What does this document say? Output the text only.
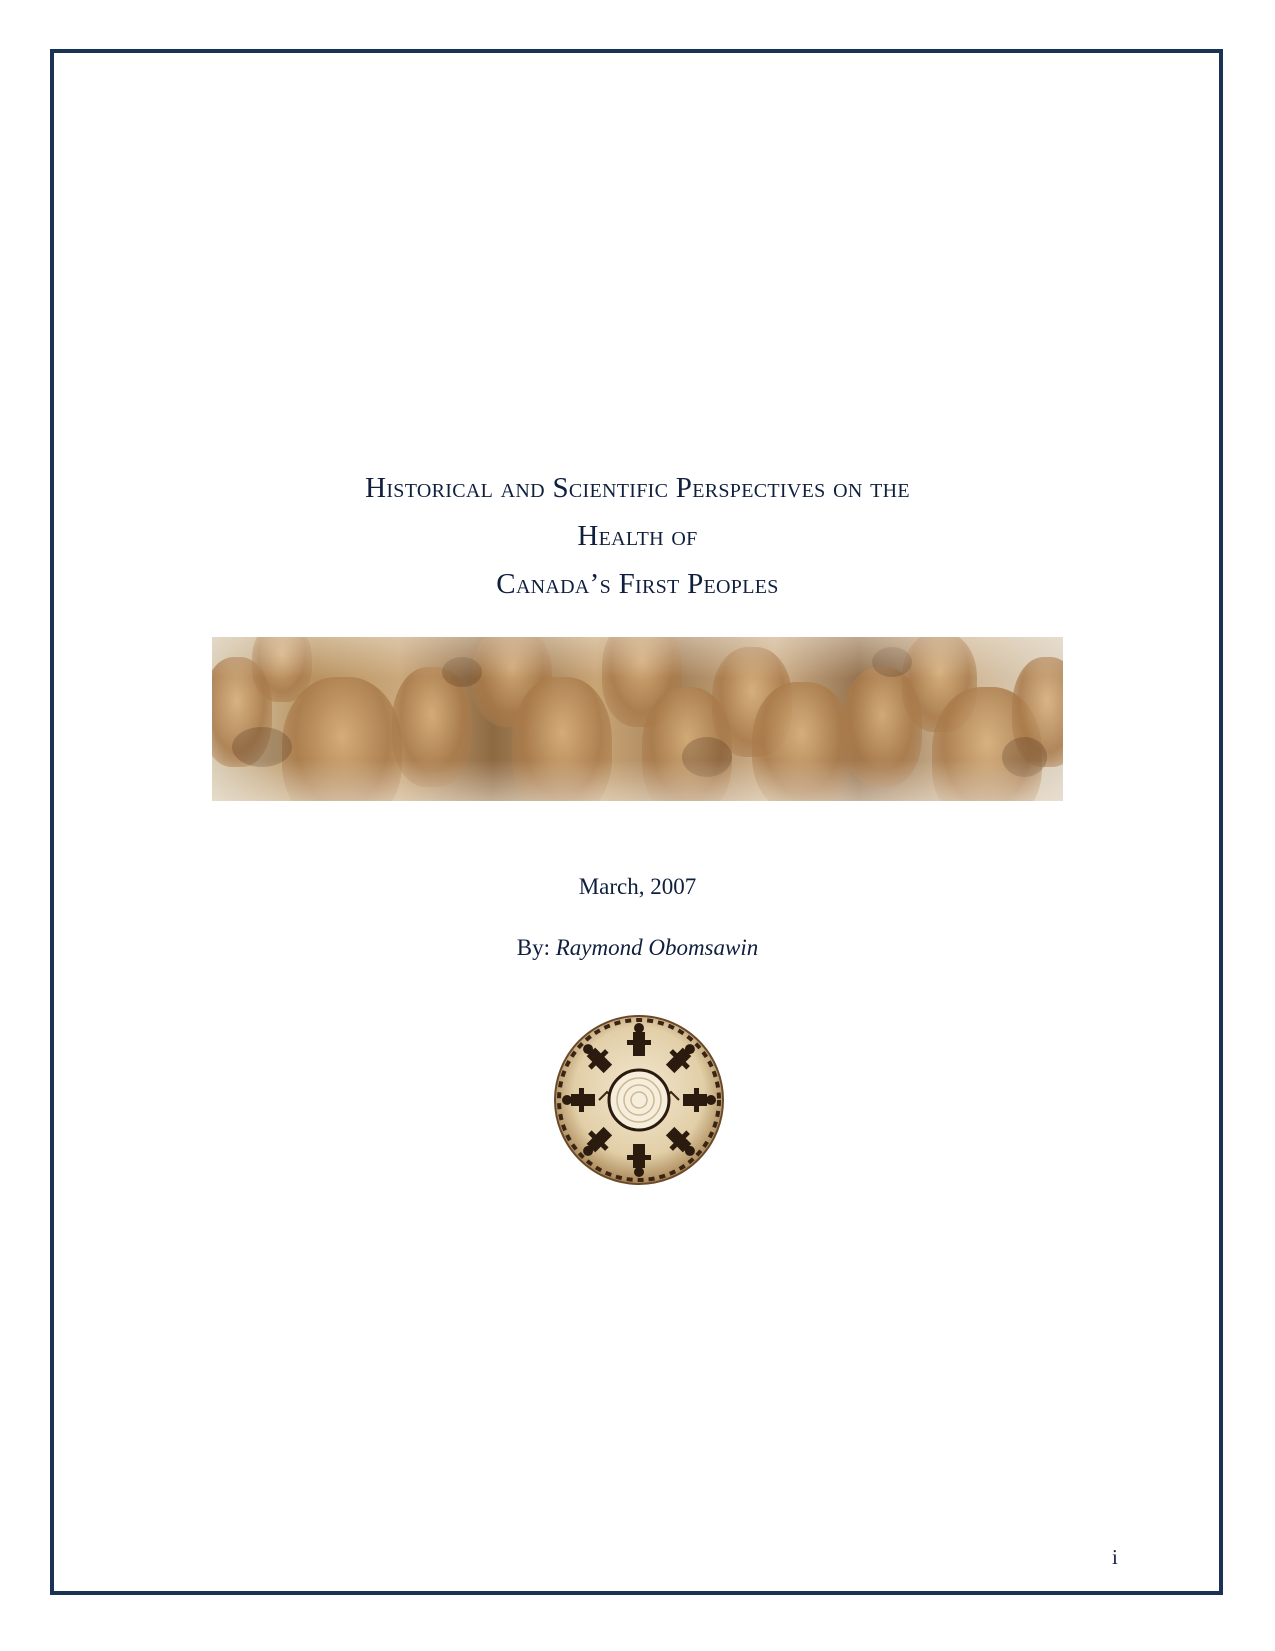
Historical and Scientific Perspectives on the
Health of
Canada’s First Peoples
March, 2007
By: Raymond Obomsawin
i
